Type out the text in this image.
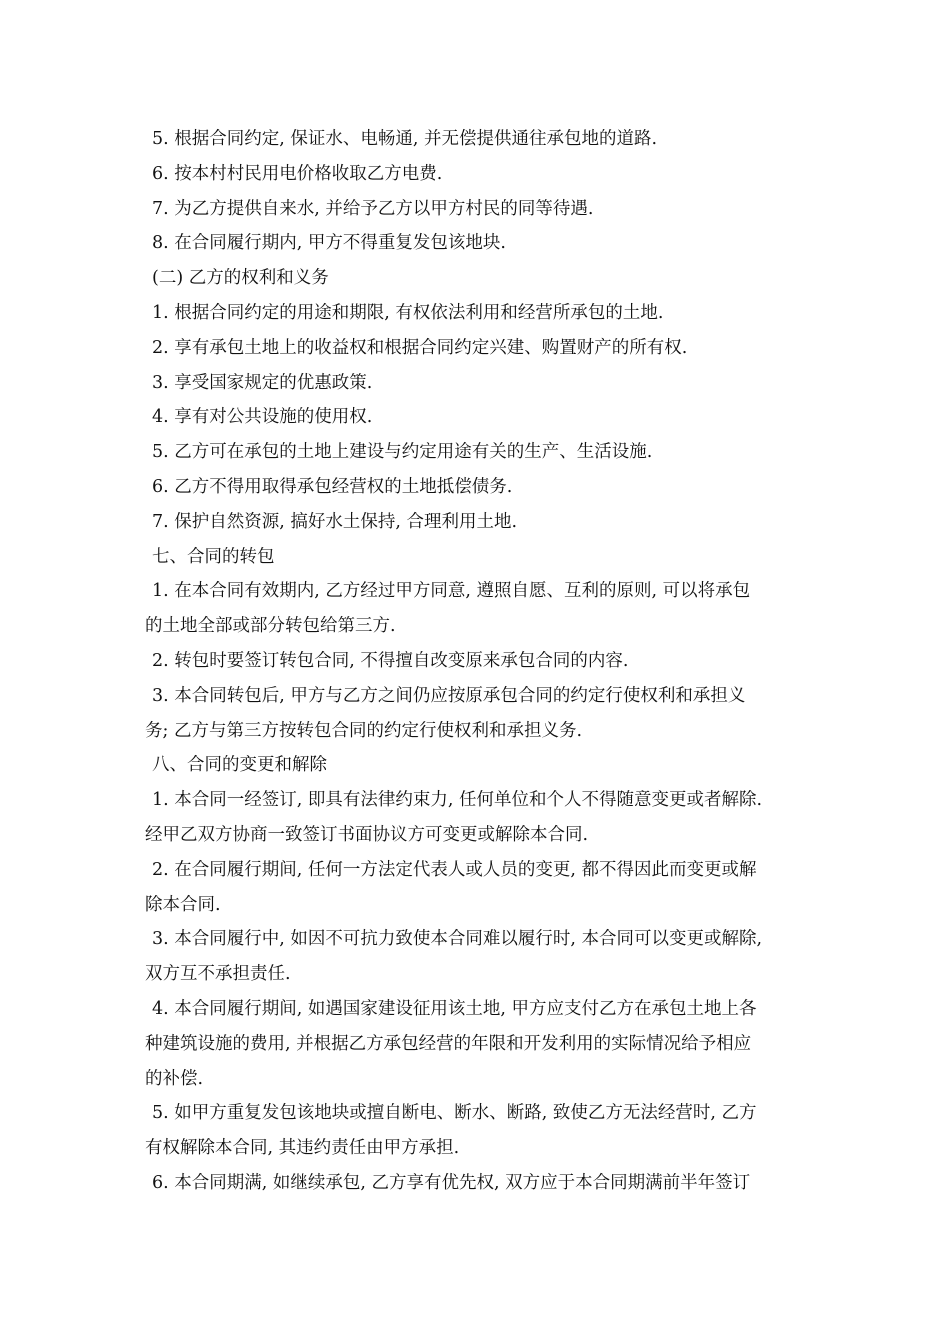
5. 根据合同约定, 保证水、电畅通, 并无偿提供通往承包地的道路.
6. 按本村村民用电价格收取乙方电费.
7. 为乙方提供自来水, 并给予乙方以甲方村民的同等待遇.
8. 在合同履行期内, 甲方不得重复发包该地块.
(二) 乙方的权利和义务
1. 根据合同约定的用途和期限, 有权依法利用和经营所承包的土地.
2. 享有承包土地上的收益权和根据合同约定兴建、购置财产的所有权.
3. 享受国家规定的优惠政策.
4. 享有对公共设施的使用权.
5. 乙方可在承包的土地上建设与约定用途有关的生产、生活设施.
6. 乙方不得用取得承包经营权的土地抵偿债务.
7. 保护自然资源, 搞好水土保持, 合理利用土地.
七、合同的转包
1. 在本合同有效期内, 乙方经过甲方同意, 遵照自愿、互利的原则, 可以将承包
的土地全部或部分转包给第三方.
2. 转包时要签订转包合同, 不得擅自改变原来承包合同的内容.
3. 本合同转包后, 甲方与乙方之间仍应按原承包合同的约定行使权利和承担义
务; 乙方与第三方按转包合同的约定行使权利和承担义务.
八、合同的变更和解除
1. 本合同一经签订, 即具有法律约束力, 任何单位和个人不得随意变更或者解除.
经甲乙双方协商一致签订书面协议方可变更或解除本合同.
2. 在合同履行期间, 任何一方法定代表人或人员的变更, 都不得因此而变更或解
除本合同.
3. 本合同履行中, 如因不可抗力致使本合同难以履行时, 本合同可以变更或解除,
双方互不承担责任.
4. 本合同履行期间, 如遇国家建设征用该土地, 甲方应支付乙方在承包土地上各
种建筑设施的费用, 并根据乙方承包经营的年限和开发利用的实际情况给予相应
的补偿.
5. 如甲方重复发包该地块或擅自断电、断水、断路, 致使乙方无法经营时, 乙方
有权解除本合同, 其违约责任由甲方承担.
6. 本合同期满, 如继续承包, 乙方享有优先权, 双方应于本合同期满前半年签订
